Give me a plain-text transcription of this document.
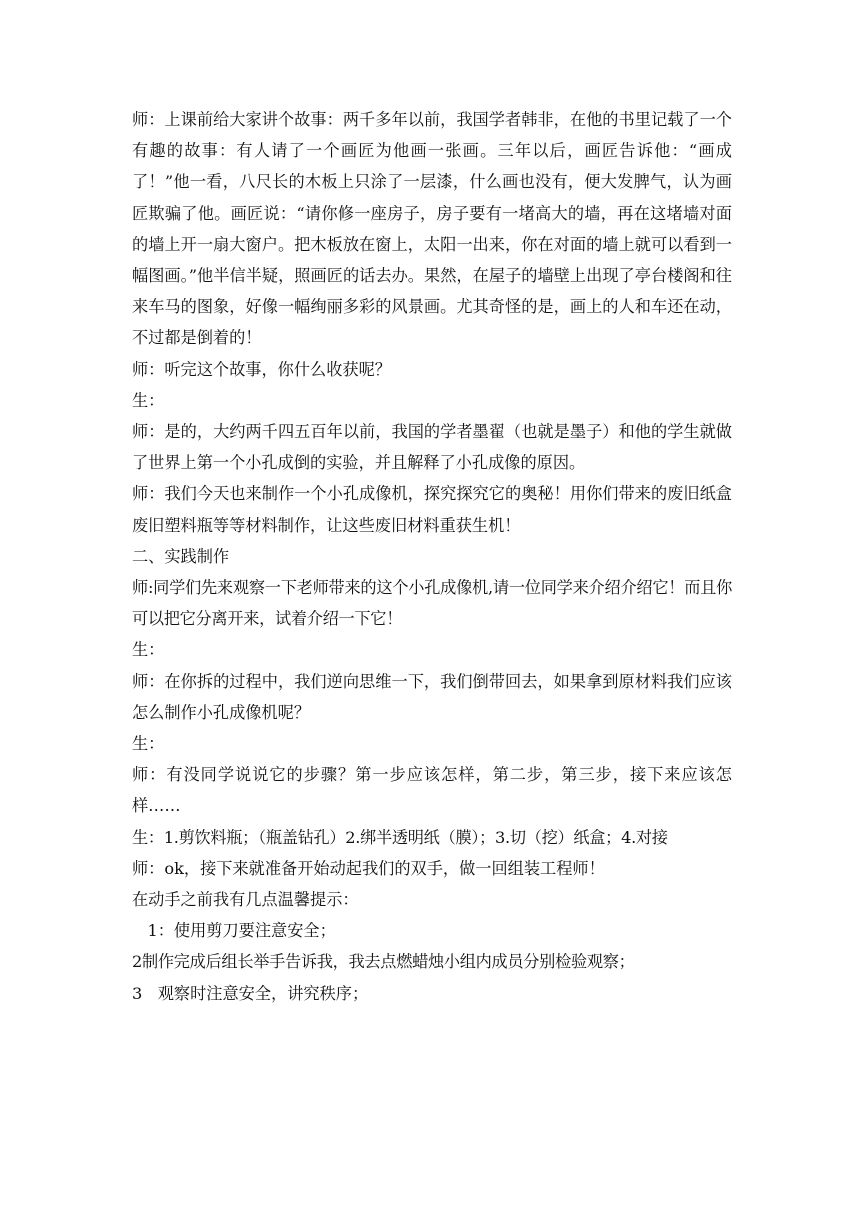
师：上课前给大家讲个故事：两千多年以前，我国学者韩非，在他的书里记载了一个有趣的故事：有人请了一个画匠为他画一张画。三年以后，画匠告诉他：“画成了！”他一看，八尺长的木板上只涂了一层漆，什么画也没有，便大发脾气，认为画匠欺骗了他。画匠说：“请你修一座房子，房子要有一堵高大的墙，再在这堵墙对面的墙上开一扇大窗户。把木板放在窗上，太阳一出来，你在对面的墙上就可以看到一幅图画。”他半信半疑，照画匠的话去办。果然，在屋子的墙壁上出现了亭台楼阁和往来车马的图象，好像一幅绚丽多彩的风景画。尤其奇怪的是，画上的人和车还在动，不过都是倒着的！

师：听完这个故事，你什么收获呢？

生：

师：是的，大约两千四五百年以前，我国的学者墨翟（也就是墨子）和他的学生就做了世界上第一个小孔成倒的实验，并且解释了小孔成像的原因。

师：我们今天也来制作一个小孔成像机，探究探究它的奥秘！用你们带来的废旧纸盒废旧塑料瓶等等材料制作，让这些废旧材料重获生机！

二、实践制作

师:同学们先来观察一下老师带来的这个小孔成像机,请一位同学来介绍介绍它！而且你可以把它分离开来，试着介绍一下它！

生：

师：在你拆的过程中，我们逆向思维一下，我们倒带回去，如果拿到原材料我们应该怎么制作小孔成像机呢？

生：

师：有没同学说说它的步骤？第一步应该怎样，第二步，第三步，接下来应该怎样……

生：1.剪饮料瓶；（瓶盖钻孔）2.绑半透明纸（膜）；3.切（挖）纸盒；4.对接

师：ok，接下来就准备开始动起我们的双手，做一回组装工程师！

在动手之前我有几点温馨提示：

1：使用剪刀要注意安全；

2制作完成后组长举手告诉我，我去点燃蜡烛小组内成员分别检验观察；

3   观察时注意安全，讲究秩序；
